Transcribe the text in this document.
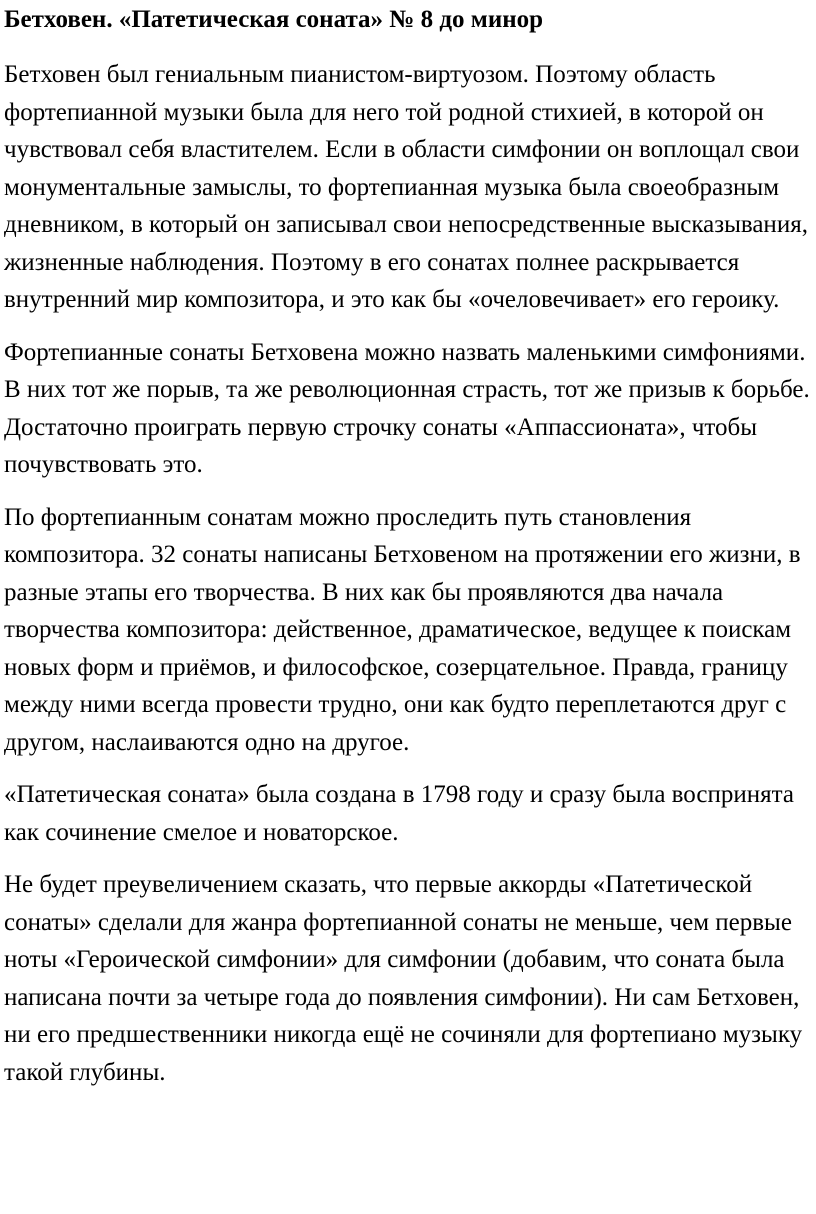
Бетховен. «Патетическая соната» № 8 до минор

Бетховен был гениальным пианистом-виртуозом. Поэтому область фортепианной музыки была для него той родной стихией, в которой он чувствовал себя властителем. Если в области симфонии он воплощал свои монументальные замыслы, то фортепианная музыка была своеобразным дневником, в который он записывал свои непосредственные высказывания, жизненные наблюдения. Поэтому в его сонатах полнее раскрывается внутренний мир композитора, и это как бы «очеловечивает» его героику.

Фортепианные сонаты Бетховена можно назвать маленькими симфониями. В них тот же порыв, та же революционная страсть, тот же призыв к борьбе. Достаточно проиграть первую строчку сонаты «Аппассионата», чтобы почувствовать это.

По фортепианным сонатам можно проследить путь становления композитора. 32 сонаты написаны Бетховеном на протяжении его жизни, в разные этапы его творчества. В них как бы проявляются два начала творчества композитора: действенное, драматическое, ведущее к поискам новых форм и приёмов, и философское, созерцательное. Правда, границу между ними всегда провести трудно, они как будто переплетаются друг с другом, наслаиваются одно на другое.

«Патетическая соната» была создана в 1798 году и сразу была воспринята как сочинение смелое и новаторское.

Не будет преувеличением сказать, что первые аккорды «Патетической сонаты» сделали для жанра фортепианной сонаты не меньше, чем первые ноты «Героической симфонии» для симфонии (добавим, что соната была написана почти за четыре года до появления симфонии). Ни сам Бетховен, ни его предшественники никогда ещё не сочиняли для фортепиано музыку такой глубины.
